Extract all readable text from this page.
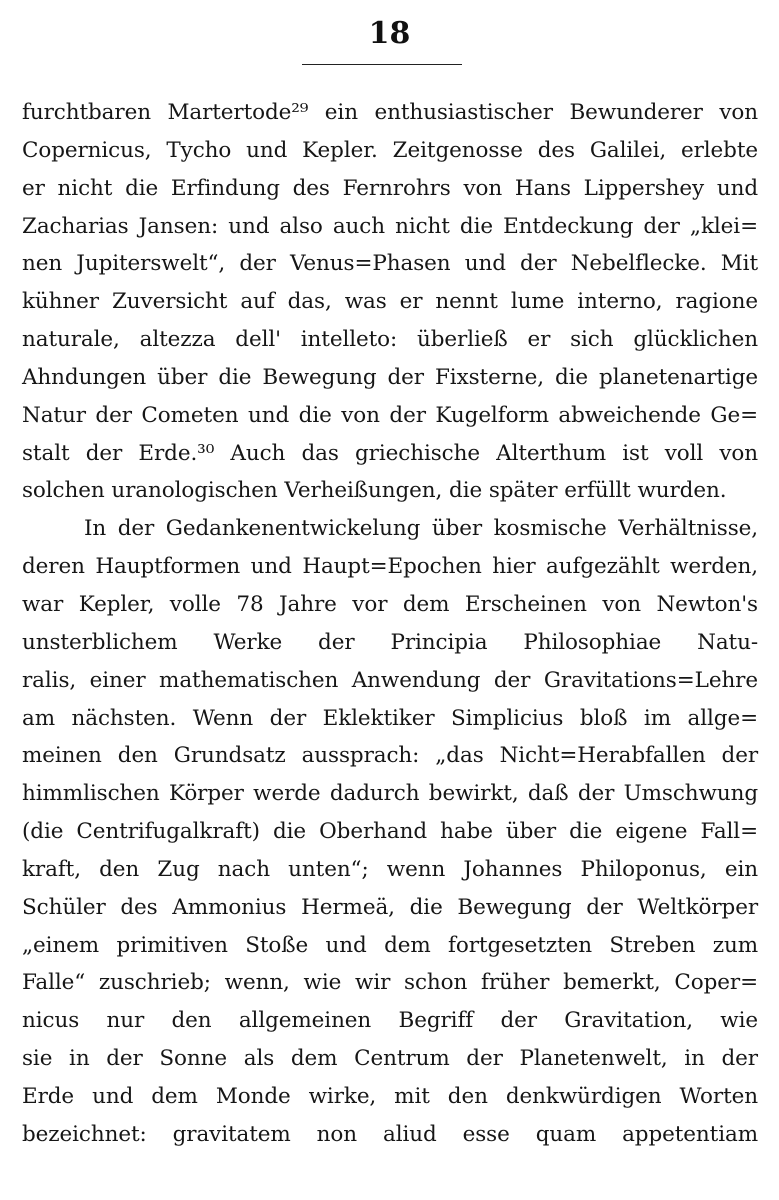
18
furchtbaren Martertode²⁹ ein enthusiastischer Bewunderer von
Copernicus, Tycho und Kepler. Zeitgenosse des Galilei, erlebte
er nicht die Erfindung des Fernrohrs von Hans Lippershey und
Zacharias Jansen: und also auch nicht die Entdeckung der „klei=
nen Jupiterswelt“, der Venus=Phasen und der Nebelflecke. Mit
kühner Zuversicht auf das, was er nennt lume interno, ragione
naturale, altezza dell' intelleto: überließ er sich glücklichen
Ahndungen über die Bewegung der Fixsterne, die planetenartige
Natur der Cometen und die von der Kugelform abweichende Ge=
stalt der Erde.³⁰ Auch das griechische Alterthum ist voll von
solchen uranologischen Verheißungen, die später erfüllt wurden.
In der Gedankenentwickelung über kosmische Verhältnisse,
deren Hauptformen und Haupt=Epochen hier aufgezählt werden,
war Kepler, volle 78 Jahre vor dem Erscheinen von Newton's
unsterblichem Werke der Principia Philosophiae Natu-
ralis, einer mathematischen Anwendung der Gravitations=Lehre
am nächsten. Wenn der Eklektiker Simplicius bloß im allge=
meinen den Grundsatz aussprach: „das Nicht=Herabfallen der
himmlischen Körper werde dadurch bewirkt, daß der Umschwung
(die Centrifugalkraft) die Oberhand habe über die eigene Fall=
kraft, den Zug nach unten“; wenn Johannes Philoponus, ein
Schüler des Ammonius Hermeä, die Bewegung der Weltkörper
„einem primitiven Stoße und dem fortgesetzten Streben zum
Falle“ zuschrieb; wenn, wie wir schon früher bemerkt, Coper=
nicus nur den allgemeinen Begriff der Gravitation, wie
sie in der Sonne als dem Centrum der Planetenwelt, in der
Erde und dem Monde wirke, mit den denkwürdigen Worten
bezeichnet: gravitatem non aliud esse quam appetentiam
